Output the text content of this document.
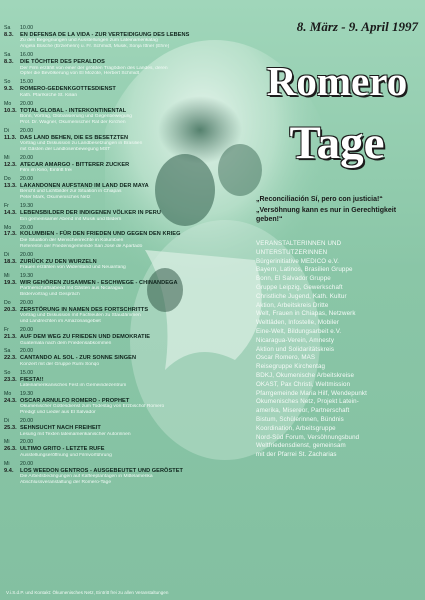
8. März - 9. April 1997
Romero
Tage
„Reconciliación Sí, pero con justicia!“
„Versöhnung kann es nur in Gerechtigkeit geben!“
VERANSTALTERINNEN UND
UNTERSTÜTZERINNEN
Bürgerinitiative MEDICO e.V.
Bayern, Latinos, Brasilien Gruppe
Bonn, El Salvador Gruppe
Gruppe Leipzig, Gewerkschaft
Christliche Jugend, Kath. Kultur
Aktion, Arbeitskreis Dritte
Welt, Frauen in Chiapas, Netzwerk
Weltläden, Infostelle, Mobiler
Eine-Welt, Bildungsarbeit e.V.
Nicaragua-Verein, Amnesty
Aktion und Solidaritätskreis
Oscar Romero, MAS
Reisegruppe Kirchentag
BDKJ, Ökumenische Arbeitskreise
ÖKAST, Pax Christi, Weltmission
Pfarrgemeinde Maria Hilf, Wendepunkt
Ökumenisches Netz, Projekt Latein-
amerika, Misereor, Partnerschaft
Bistum, Schülerinnen, Bündnis
Koordination, Arbeitsgruppe
Nord-Süd Forum, Versöhnungsbund
Weltfriedensdienst, gemeinsam
mit der Pfarrei St. Zacharias
Sa	10.00
8.3.	EN DEFENSA DE LA VIDA - ZUR VERTEIDIGUNG DES LEBENS
Zu den Begegnungen und Ausstellungen zum Lateinamerikatag
Angela Büsche (Erzieherin) u. Fr. Schmidt, Musik, Sonja Ittner (Ehre)
Sa	16.00
8.3.	DIE TÖCHTER DES PERALDOS
Der Film erzählt von einer der größten Tragödien des Landes, deren
Opfer die Bevölkerung von El Mozote, Herbert Schmidt
So	15.00
9.3.	ROMERO-GEDENKGOTTESDIENST
Kath. Pfarrkirche St. Kilian
Mo	20.00
10.3. TOTAL GLOBAL - INTERKONTINENTAL
Bonn, Vortrag, Globalisierung und Gegenbewegung
Prof. Dr. Wagner, Ökumenischer Rat der Kirchen
Di	20.00
11.3. DAS LAND BEHEN, DIE ES BESETZTEN
Vortrag und Diskussion zu Landbesetzungen in Brasilien
mit Gästen der Landlosenbewegung MST
Mi	20.00
12.3. ATECAR AMARGO - BITTERER ZUCKER
Film im Kino, Eintritt frei
Do	20.00
13.3. LAKANDONEN AUFSTAND IM LAND DER MAYA
Bericht und Lichtbilder zur Situation in Chiapas
Peter Mark, Ökumenisches Netz
Fr	19.30
14.3. LEBENSBILDER DER INDIGENEN VÖLKER IN PERU
Ein gemeinsamer Abend mit Musik und Bildern
Mo	20.00
17.3. KOLUMBIEN - FÜR DEN FRIEDEN UND GEGEN DEN KRIEG
Die Situation der Menschenrechte in Kolumbien
Referentin der Friedensgemeinde San José de Apartadó
Di	20.00
18.3. ZURÜCK ZU DEN WURZELN
Frauen erzählen von Widerstand und Neuanfang
Mi	19.30
19.3. WIR GEHÖREN ZUSAMMEN - ESCHWEGE - CHINANDEGA
Partnerschaftsabend mit Gästen aus Nicaragua
Bildervortrag und Gespräch
Do	20.00
20.3. ZERSTÖRUNG IN NAMEN DES FORTSCHRITTS
Vortrag und Diskussion mit Fachleuten zu Staudämmen
und Landrechten im Amazonasgebiet
Fr	20.00
21.3. AUF DEM WEG ZU FRIEDEN UND DEMOKRATIE
Guatemala nach dem Friedensabkommen
Sa	20.00
22.3. CANTANDO AL SOL - ZUR SONNE SINGEN
Konzert mit der Gruppe Rumi Sonqo
So	15.00
23.3. FIESTA!!
Lateinamerikanisches Fest im Gemeindezentrum
Mo	19.30
24.3. OSCAR ARNULFO ROMERO - PROPHET
Ökumenischer Gottesdienst zum Todestag von Erzbischof Romero
Predigt und Lieder aus El Salvador
Di	20.00
25.3. SEHNSUCHT NACH FREIHEIT
Lesung mit Texten lateinamerikanischer Autorinnen
Mi	20.00
26.3. ULTIMO GRITO - LETZTE RUFE
Ausstellungseröffnung und Filmvorführung
Mi	20.00
9.4.	LOS WEEDON GENTROS - AUSGEBEUTET UND GERÖSTET
Die Arbeitsbedingungen auf Kaffeeplantagen in Mittelamerika
Abschlussveranstaltung der Romero-Tage
V.i.S.d.P. und Kontakt: Ökumenisches Netz, Eintritt frei zu allen Veranstaltungen
